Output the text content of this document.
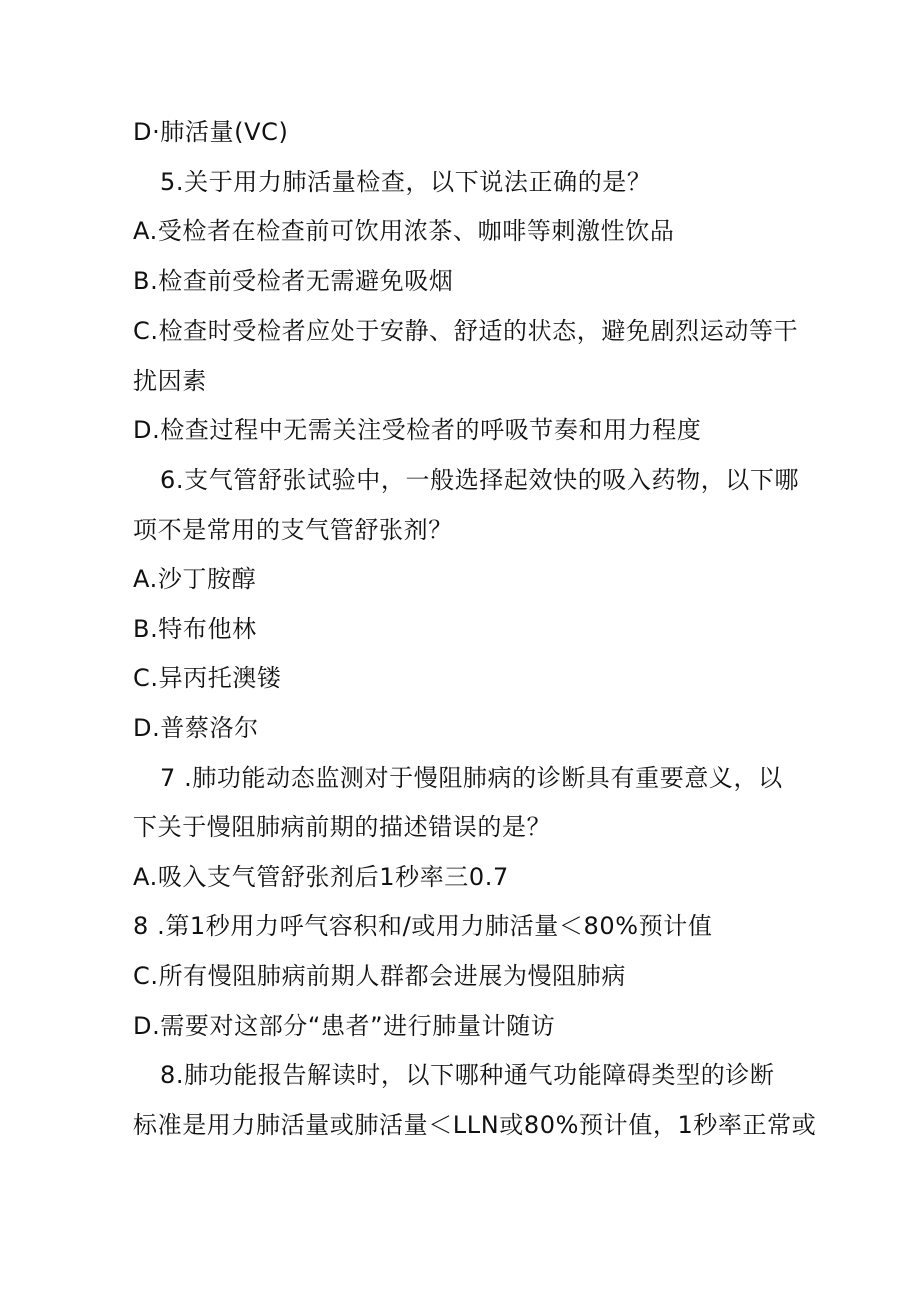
D·肺活量(VC)
5.关于用力肺活量检查，以下说法正确的是？
A.受检者在检查前可饮用浓茶、咖啡等刺激性饮品
B.检查前受检者无需避免吸烟
C.检查时受检者应处于安静、舒适的状态，避免剧烈运动等干
扰因素
D.检查过程中无需关注受检者的呼吸节奏和用力程度
6.支气管舒张试验中，一般选择起效快的吸入药物，以下哪
项不是常用的支气管舒张剂？
A.沙丁胺醇
B.特布他林
C.异丙托澳镂
D.普蔡洛尔
7 .肺功能动态监测对于慢阻肺病的诊断具有重要意义，以
下关于慢阻肺病前期的描述错误的是？
A.吸入支气管舒张剂后1秒率三0.7
8 .第1秒用力呼气容积和/或用力肺活量＜80%预计值
C.所有慢阻肺病前期人群都会进展为慢阻肺病
D.需要对这部分“患者”进行肺量计随访
8.肺功能报告解读时，以下哪种通气功能障碍类型的诊断
标准是用力肺活量或肺活量＜LLN或80%预计值，1秒率正常或
